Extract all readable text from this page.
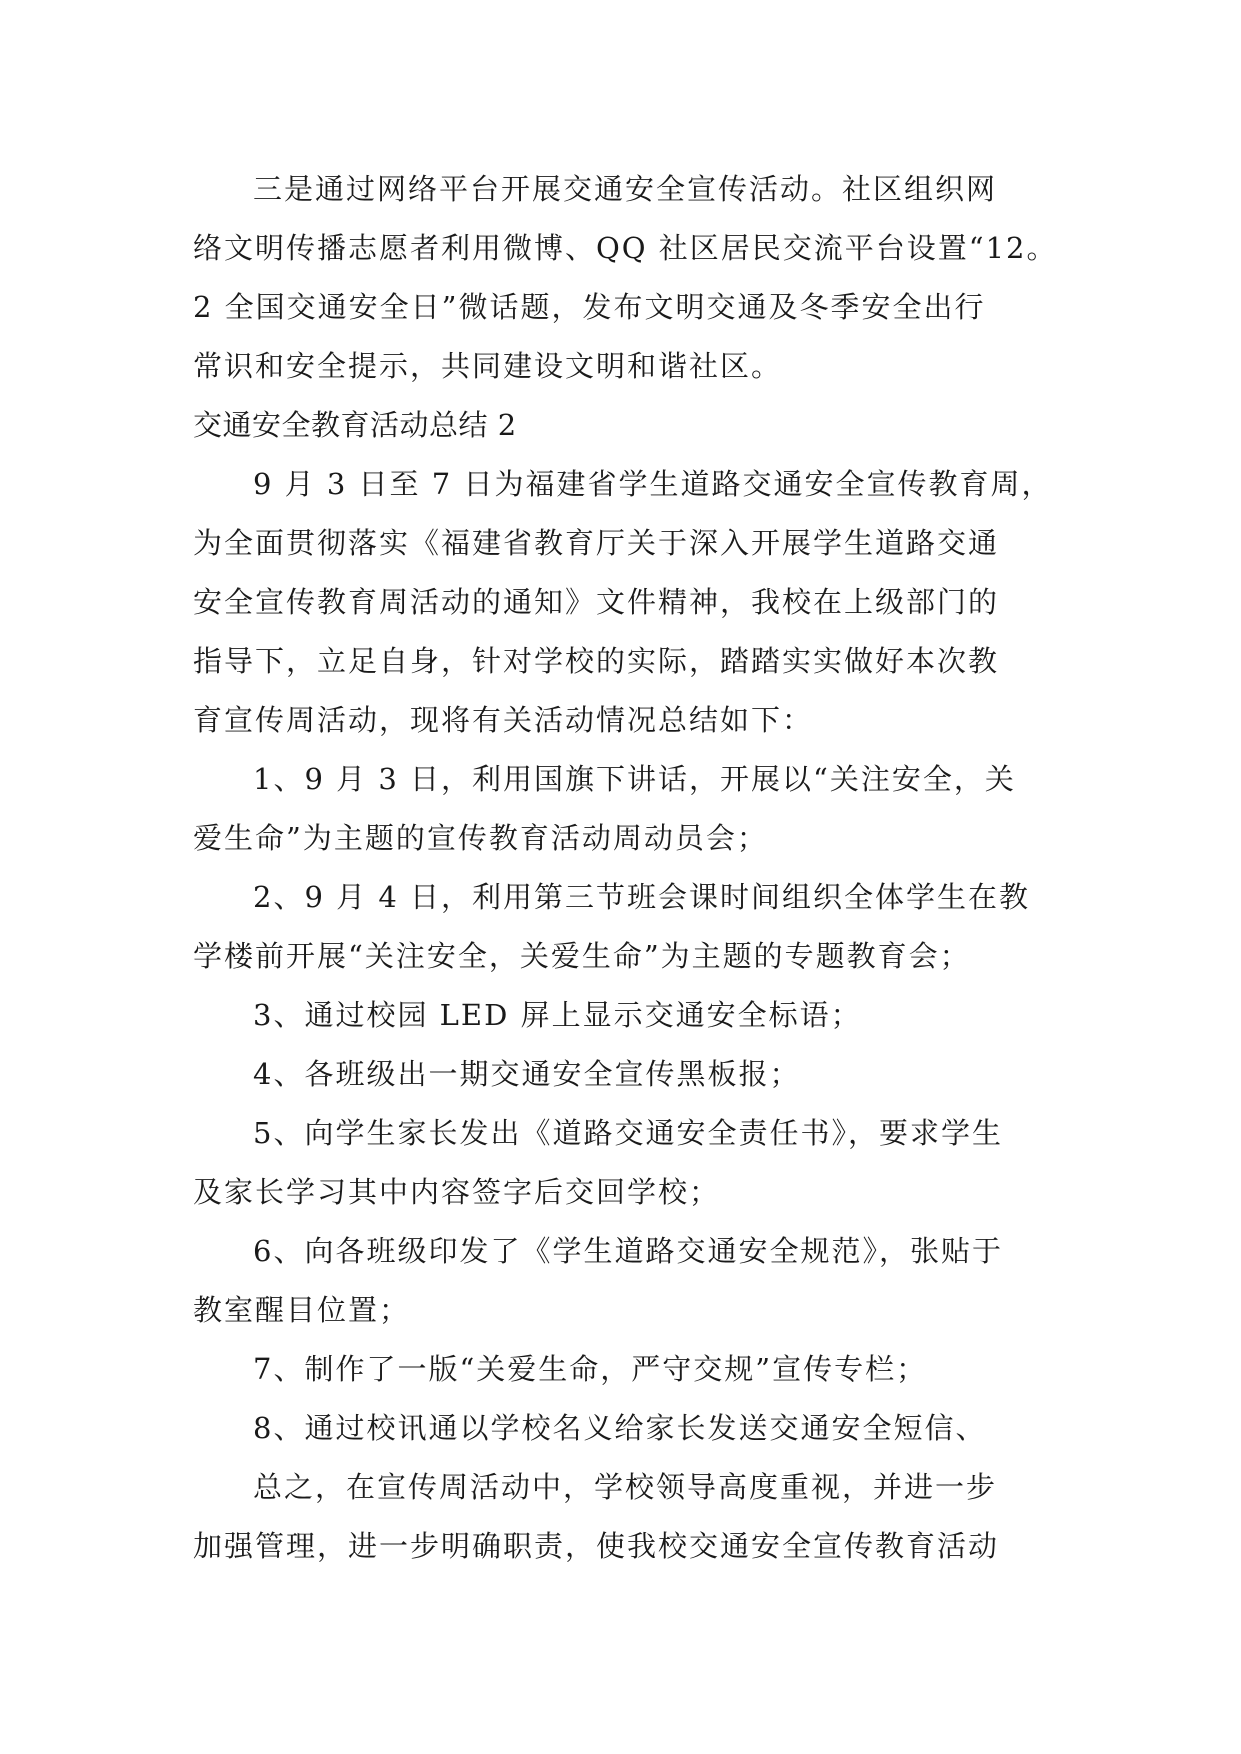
三是通过网络平台开展交通安全宣传活动。社区组织网
络文明传播志愿者利用微博、QQ 社区居民交流平台设置“12。
2 全国交通安全日”微话题，发布文明交通及冬季安全出行
常识和安全提示，共同建设文明和谐社区。
交通安全教育活动总结 2
9 月 3 日至 7 日为福建省学生道路交通安全宣传教育周，
为全面贯彻落实《福建省教育厅关于深入开展学生道路交通
安全宣传教育周活动的通知》文件精神，我校在上级部门的
指导下，立足自身，针对学校的实际，踏踏实实做好本次教
育宣传周活动，现将有关活动情况总结如下：
1、9 月 3 日，利用国旗下讲话，开展以“关注安全，关
爱生命”为主题的宣传教育活动周动员会；
2、9 月 4 日，利用第三节班会课时间组织全体学生在教
学楼前开展“关注安全，关爱生命”为主题的专题教育会；
3、通过校园 LED 屏上显示交通安全标语；
4、各班级出一期交通安全宣传黑板报；
5、向学生家长发出《道路交通安全责任书》，要求学生
及家长学习其中内容签字后交回学校；
6、向各班级印发了《学生道路交通安全规范》，张贴于
教室醒目位置；
7、制作了一版“关爱生命，严守交规”宣传专栏；
8、通过校讯通以学校名义给家长发送交通安全短信、
总之，在宣传周活动中，学校领导高度重视，并进一步
加强管理，进一步明确职责，使我校交通安全宣传教育活动
